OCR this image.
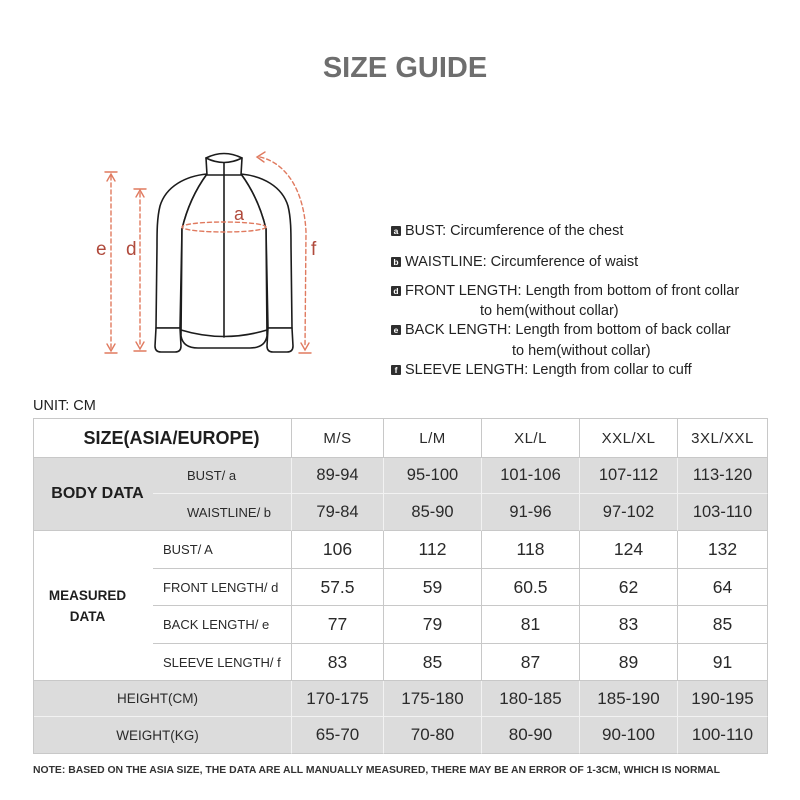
SIZE GUIDE
e d
a
f
a BUST: Circumference of the chest
b WAISTLINE: Circumference of waist
d FRONT LENGTH: Length from bottom of front collar
to hem(without collar)
e BACK LENGTH: Length from bottom of back collar
to hem(without collar)
f SLEEVE LENGTH: Length from collar to cuff
UNIT: CM
SIZE(ASIA/EUROPE)	M/S	L/M	XL/L	XXL/XL	3XL/XXL
BODY DATA
BUST/ a	89-94	95-100	101-106	107-112	113-120
WAISTLINE/ b	79-84	85-90	91-96	97-102	103-110
MEASURED DATA
BUST/ A	106	112	118	124	132
FRONT LENGTH/ d	57.5	59	60.5	62	64
BACK LENGTH/ e	77	79	81	83	85
SLEEVE LENGTH/ f	83	85	87	89	91
HEIGHT(CM)	170-175	175-180	180-185	185-190	190-195
WEIGHT(KG)	65-70	70-80	80-90	90-100	100-110
NOTE: BASED ON THE ASIA SIZE, THE DATA ARE ALL MANUALLY MEASURED, THERE MAY BE AN ERROR OF 1-3CM, WHICH IS NORMAL
